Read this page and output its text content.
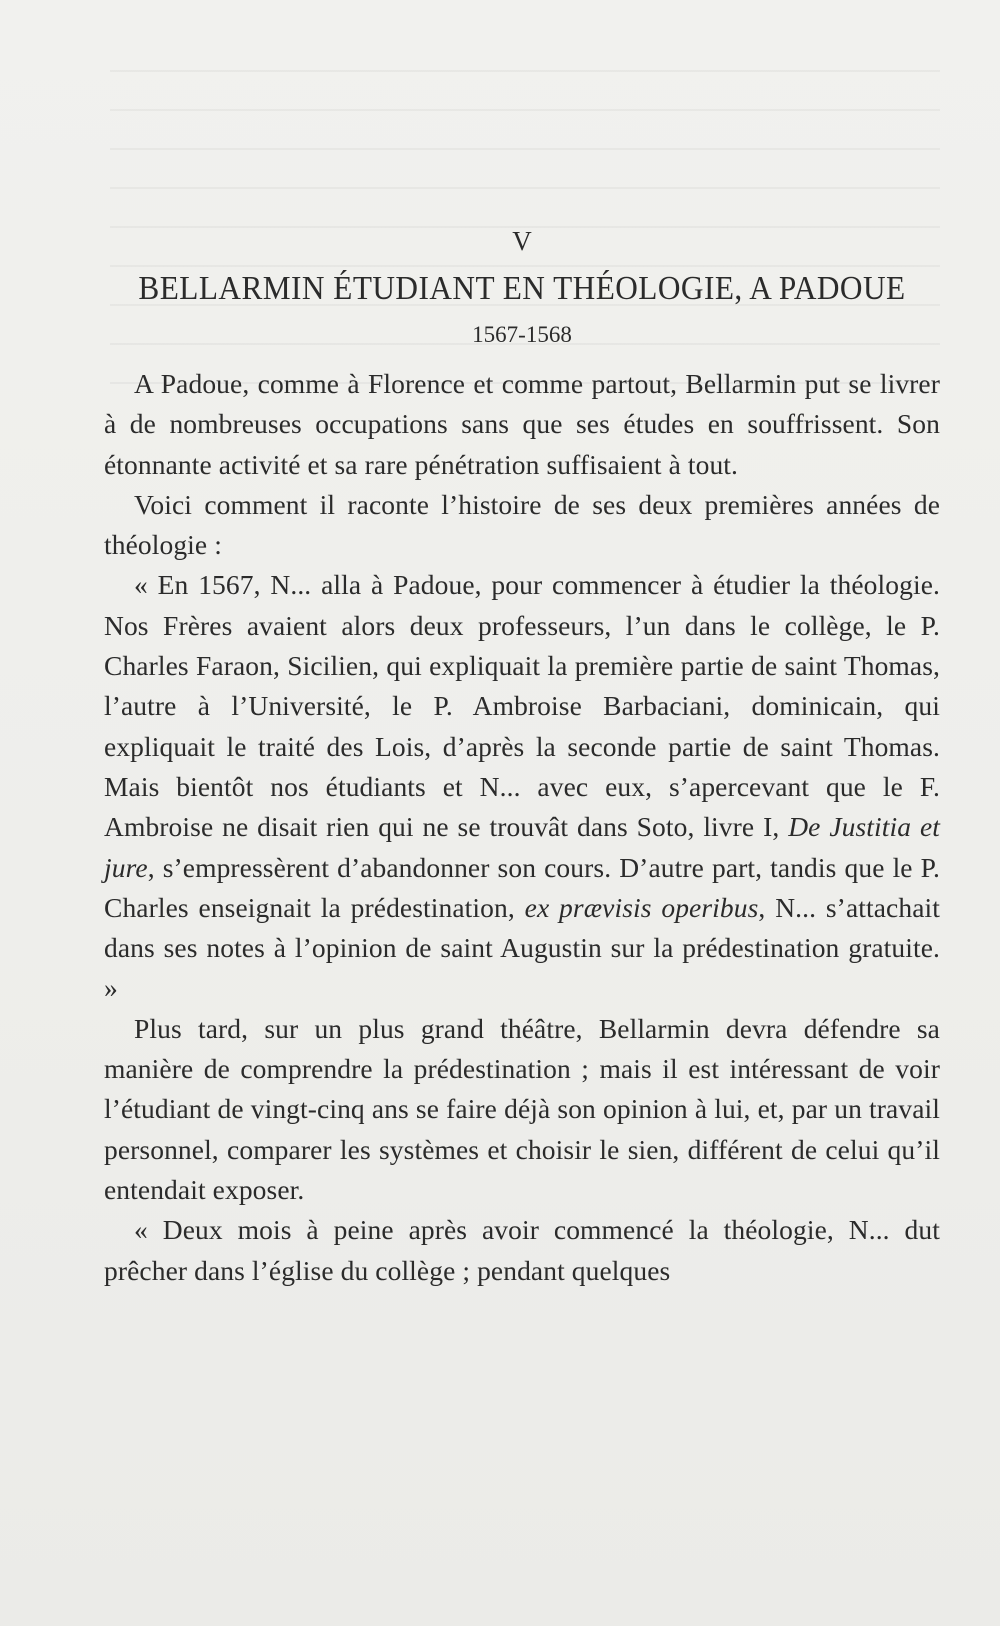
V
BELLARMIN ÉTUDIANT EN THÉOLOGIE, A PADOUE
1567-1568

A Padoue, comme à Florence et comme partout, Bellarmin put se livrer à de nombreuses occupations sans que ses études en souffrissent. Son étonnante activité et sa rare pénétration suffisaient à tout.

Voici comment il raconte l’histoire de ses deux premières années de théologie :

« En 1567, N... alla à Padoue, pour commencer à étudier la théologie. Nos Frères avaient alors deux professeurs, l’un dans le collège, le P. Charles Faraon, Sicilien, qui expliquait la première partie de saint Thomas, l’autre à l’Université, le P. Ambroise Barbaciani, dominicain, qui expliquait le traité des Lois, d’après la seconde partie de saint Thomas. Mais bientôt nos étudiants et N... avec eux, s’apercevant que le F. Ambroise ne disait rien qui ne se trouvât dans Soto, livre I, De Justitia et jure, s’empressèrent d’abandonner son cours. D’autre part, tandis que le P. Charles enseignait la prédestination, ex prævisis operibus, N... s’attachait dans ses notes à l’opinion de saint Augustin sur la prédestination gratuite. »

Plus tard, sur un plus grand théâtre, Bellarmin devra défendre sa manière de comprendre la prédestination ; mais il est intéressant de voir l’étudiant de vingt-cinq ans se faire déjà son opinion à lui, et, par un travail personnel, comparer les systèmes et choisir le sien, différent de celui qu’il entendait exposer.

« Deux mois à peine après avoir commencé la théologie, N... dut prêcher dans l’église du collège ; pendant quelques
